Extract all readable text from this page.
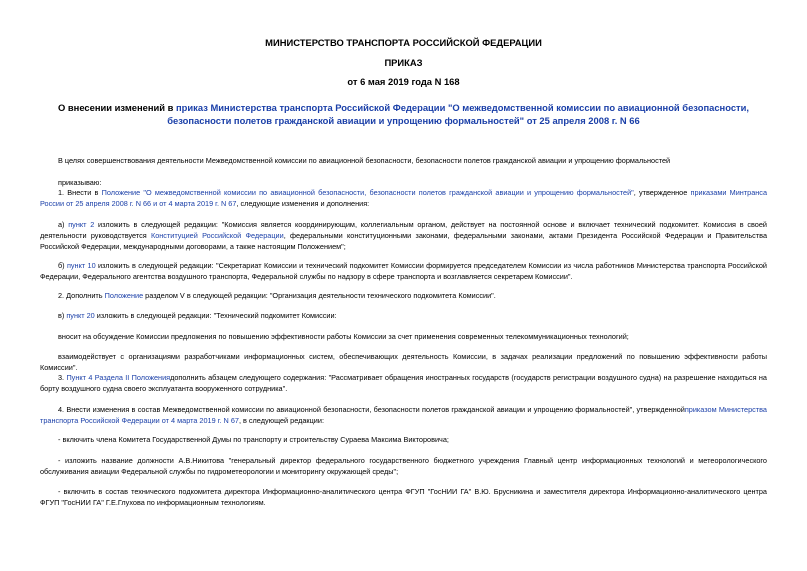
МИНИСТЕРСТВО ТРАНСПОРТА РОССИЙСКОЙ ФЕДЕРАЦИИ
ПРИКАЗ
от 6 мая 2019 года N 168
О внесении изменений в приказ Министерства транспорта Российской Федерации "О межведомственной комиссии по авиационной безопасности, безопасности полетов гражданской авиации и упрощению формальностей" от 25 апреля 2008 г. N 66
В целях совершенствования деятельности Межведомственной комиссии по авиационной безопасности, безопасности полетов гражданской авиации и упрощению формальностей
приказываю:
1. Внести в Положение "О межведомственной комиссии по авиационной безопасности, безопасности полетов гражданской авиации и упрощению формальностей", утвержденное приказами Минтранса России от 25 апреля 2008 г. N 66 и от 4 марта 2019 г. N 67, следующие изменения и дополнения:
а) пункт 2 изложить в следующей редакции: "Комиссия является координирующим, коллегиальным органом, действует на постоянной основе и включает технический подкомитет. Комиссия в своей деятельности руководствуется Конституцией Российской Федерации, федеральными конституционными законами, федеральными законами, актами Президента Российской Федерации и Правительства Российской Федерации, международными договорами, а также настоящим Положением";
б) пункт 10 изложить в следующей редакции: "Секретариат Комиссии и технический подкомитет Комиссии формируется председателем Комиссии из числа работников Министерства транспорта Российской Федерации, Федерального агентства воздушного транспорта, Федеральной службы по надзору в сфере транспорта и возглавляется секретарем Комиссии".
2. Дополнить Положение разделом V в следующей редакции: "Организация деятельности технического подкомитета Комиссии".
в) пункт 20 изложить в следующей редакции: "Технический подкомитет Комиссии:
вносит на обсуждение Комиссии предложения по повышению эффективности работы Комиссии за счет применения современных телекоммуникационных технологий;
взаимодействует с организациями разработчиками информационных систем, обеспечивающих деятельность Комиссии, в задачах реализации предложений по повышению эффективности работы Комиссии".
3. Пункт 4 Раздела II Положениядополнить абзацем следующего содержания: "Рассматривает обращения иностранных государств (государств регистрации воздушного судна) на разрешение находиться на борту воздушного судна своего эксплуатанта вооруженного сотрудника".
4. Внести изменения в состав Межведомственной комиссии по авиационной безопасности, безопасности полетов гражданской авиации и упрощению формальностей", утвержденнойприказом Министерства транспорта Российской Федерации от 4 марта 2019 г. N 67, в следующей редакции:
- включить члена Комитета Государственной Думы по транспорту и строительству Сураева Максима Викторовича;
- изложить название должности А.В.Никитова "генеральный директор федерального государственного бюджетного учреждения Главный центр информационных технологий и метеорологического обслуживания авиации Федеральной службы по гидрометеорологии и мониторингу окружающей среды";
- включить в состав технического подкомитета директора Информационно-аналитического центра ФГУП "ГосНИИ ГА" В.Ю. Брусникина и заместителя директора Информационно-аналитического центра ФГУП "ГосНИИ ГА" Г.Е.Глухова по информационным технологиям.
